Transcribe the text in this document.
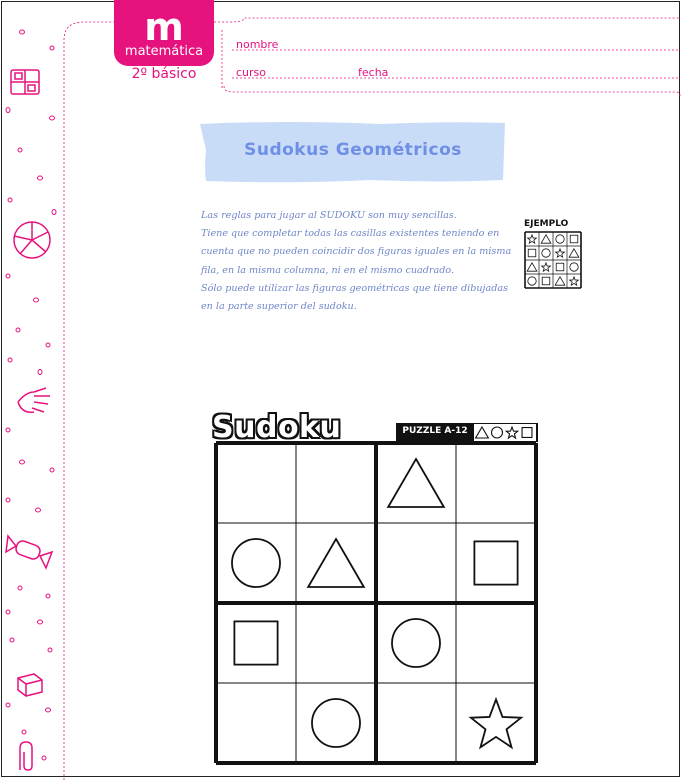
m
matemática
2º básico
nombre
curso	fecha
Sudokus Geométricos

Las reglas para jugar al SUDOKU son muy sencillas.

Tiene que completar todas las casillas existentes teniendo en cuenta que no pueden coincidir dos figuras iguales en la misma fila, en la misma columna, ni en el mismo cuadrado.

Sólo puede utilizar las figuras geométricas que tiene dibujadas en la parte superior del sudoku.

EJEMPLO
Sudoku	PUZZLE A-12
